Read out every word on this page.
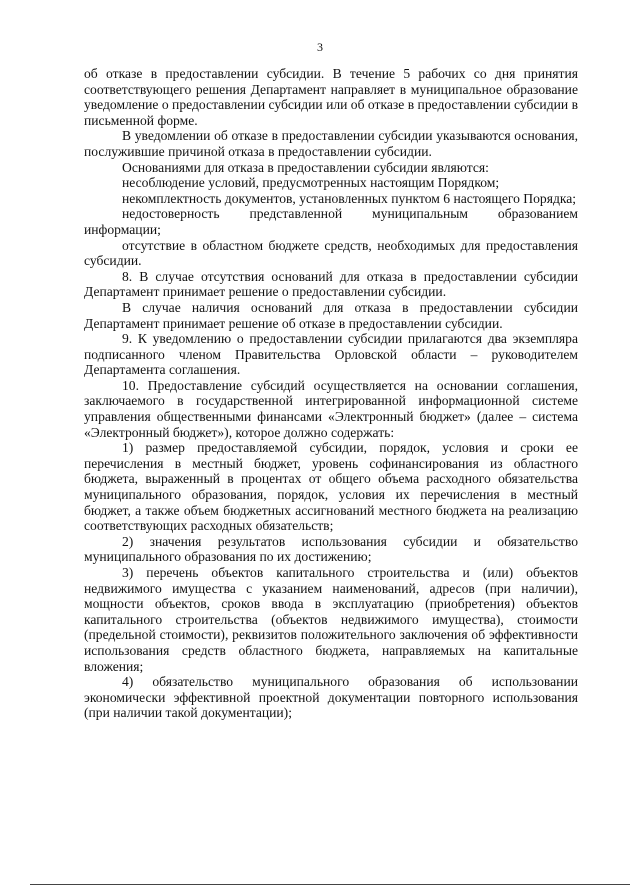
3

об отказе в предоставлении субсидии. В течение 5 рабочих со дня принятия соответствующего решения Департамент направляет в муниципальное образование уведомление о предоставлении субсидии или об отказе в предоставлении субсидии в письменной форме.

В уведомлении об отказе в предоставлении субсидии указываются основания, послужившие причиной отказа в предоставлении субсидии.

Основаниями для отказа в предоставлении субсидии являются:

несоблюдение условий, предусмотренных настоящим Порядком;

некомплектность документов, установленных пунктом 6 настоящего Порядка;

недостоверность представленной муниципальным образованием информации;

отсутствие в областном бюджете средств, необходимых для предоставления субсидии.

8. В случае отсутствия оснований для отказа в предоставлении субсидии Департамент принимает решение о предоставлении субсидии.

В случае наличия оснований для отказа в предоставлении субсидии Департамент принимает решение об отказе в предоставлении субсидии.

9. К уведомлению о предоставлении субсидии прилагаются два экземпляра подписанного членом Правительства Орловской области – руководителем Департамента соглашения.

10. Предоставление субсидий осуществляется на основании соглашения, заключаемого в государственной интегрированной информационной системе управления общественными финансами «Электронный бюджет» (далее – система «Электронный бюджет»), которое должно содержать:

1) размер предоставляемой субсидии, порядок, условия и сроки ее перечисления в местный бюджет, уровень софинансирования из областного бюджета, выраженный в процентах от общего объема расходного обязательства муниципального образования, порядок, условия их перечисления в местный бюджет, а также объем бюджетных ассигнований местного бюджета на реализацию соответствующих расходных обязательств;

2) значения результатов использования субсидии и обязательство муниципального образования по их достижению;

3) перечень объектов капитального строительства и (или) объектов недвижимого имущества с указанием наименований, адресов (при наличии), мощности объектов, сроков ввода в эксплуатацию (приобретения) объектов капитального строительства (объектов недвижимого имущества), стоимости (предельной стоимости), реквизитов положительного заключения об эффективности использования средств областного бюджета, направляемых на капитальные вложения;

4) обязательство муниципального образования об использовании экономически эффективной проектной документации повторного использования (при наличии такой документации);
